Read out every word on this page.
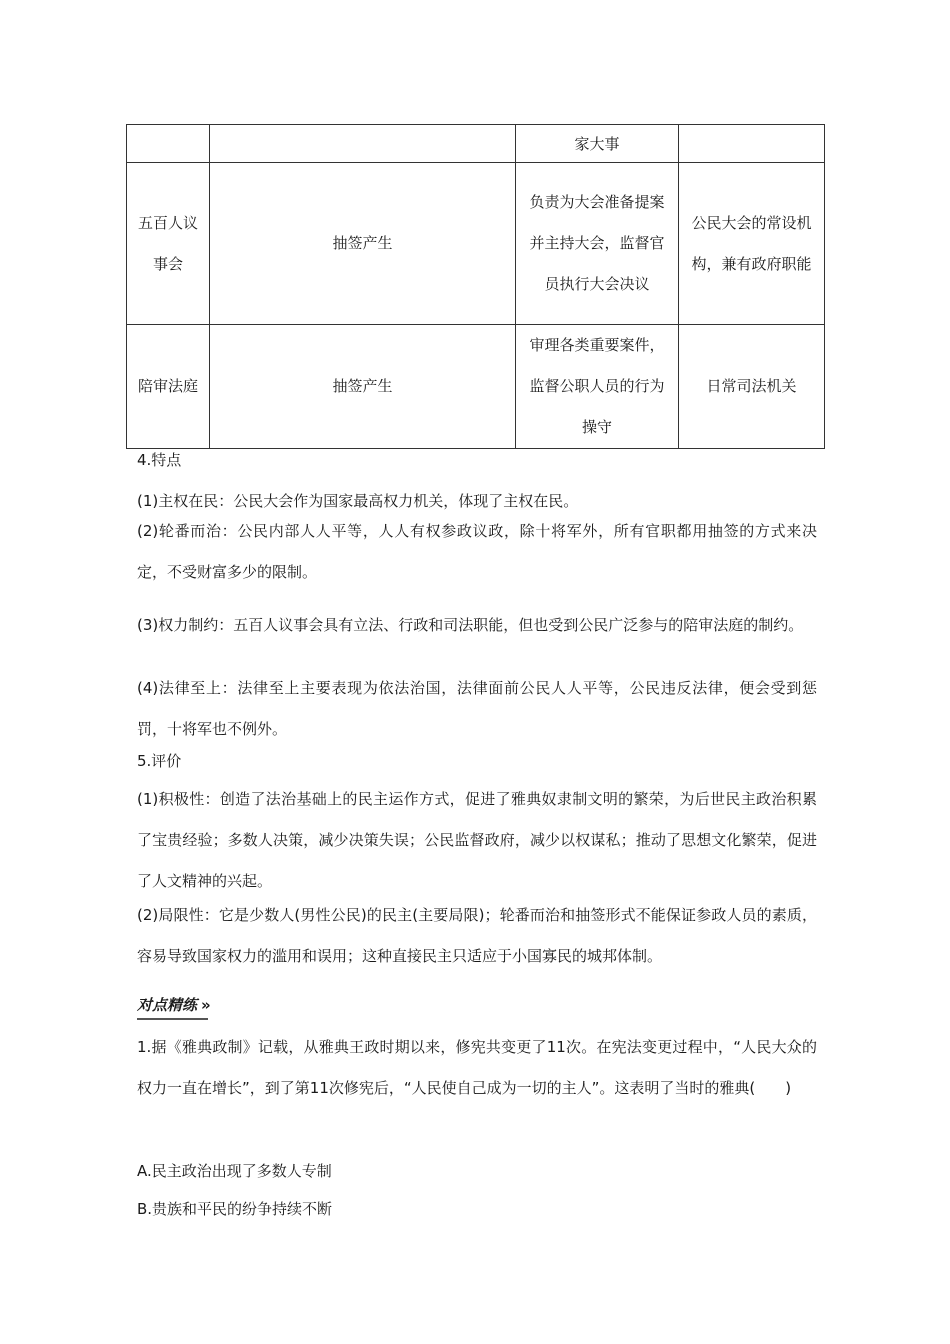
		家大事	
五百人议事会	抽签产生	负责为大会准备提案并主持大会，监督官员执行大会决议	公民大会的常设机构，兼有政府职能
陪审法庭	抽签产生	审理各类重要案件，监督公职人员的行为操守	日常司法机关

4.特点

(1)主权在民：公民大会作为国家最高权力机关，体现了主权在民。

(2)轮番而治：公民内部人人平等，人人有权参政议政，除十将军外，所有官职都用抽签的方式来决定，不受财富多少的限制。

(3)权力制约：五百人议事会具有立法、行政和司法职能，但也受到公民广泛参与的陪审法庭的制约。

(4)法律至上：法律至上主要表现为依法治国，法律面前公民人人平等，公民违反法律，便会受到惩罚，十将军也不例外。

5.评价

(1)积极性：创造了法治基础上的民主运作方式，促进了雅典奴隶制文明的繁荣，为后世民主政治积累了宝贵经验；多数人决策，减少决策失误；公民监督政府，减少以权谋私；推动了思想文化繁荣，促进了人文精神的兴起。

(2)局限性：它是少数人(男性公民)的民主(主要局限)；轮番而治和抽签形式不能保证参政人员的素质，容易导致国家权力的滥用和误用；这种直接民主只适应于小国寡民的城邦体制。

对点精练 »

1.据《雅典政制》记载，从雅典王政时期以来，修宪共变更了11次。在宪法变更过程中，“人民大众的权力一直在增长”，到了第11次修宪后，“人民使自己成为一切的主人”。这表明了当时的雅典(　　)

A.民主政治出现了多数人专制

B.贵族和平民的纷争持续不断
